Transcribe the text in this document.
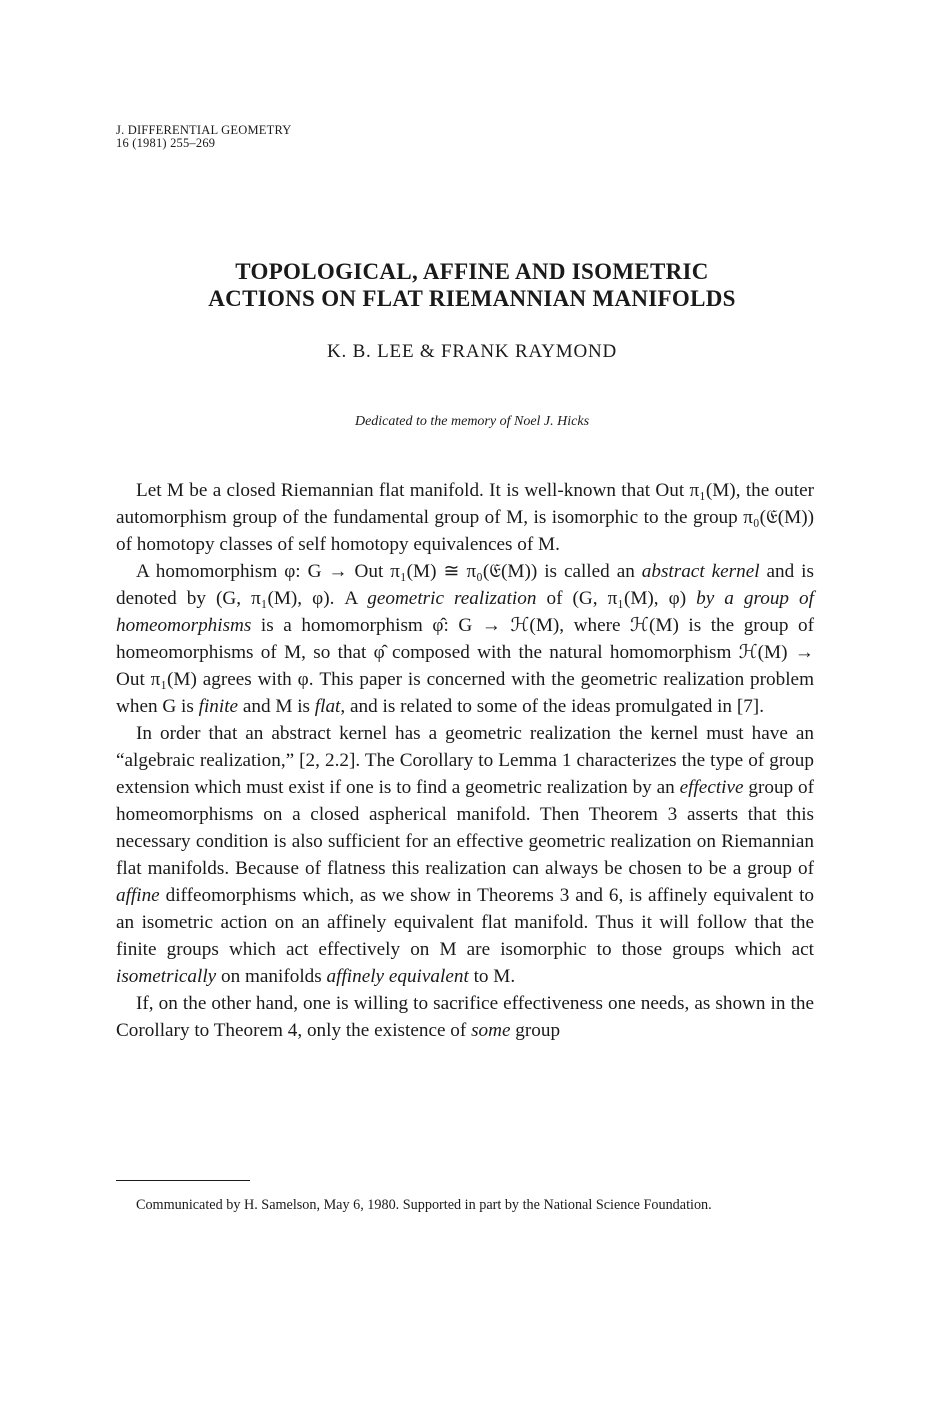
J. DIFFERENTIAL GEOMETRY
16 (1981) 255–269
TOPOLOGICAL, AFFINE AND ISOMETRIC
ACTIONS ON FLAT RIEMANNIAN MANIFOLDS
K. B. LEE & FRANK RAYMOND
Dedicated to the memory of Noel J. Hicks

Let M be a closed Riemannian flat manifold. It is well-known that Out π₁(M), the outer automorphism group of the fundamental group of M, is isomorphic to the group π₀(𝔈(M)) of homotopy classes of self homotopy equivalences of M.

A homomorphism φ: G → Out π₁(M) ≅ π₀(𝔈(M)) is called an abstract kernel and is denoted by (G, π₁(M), φ). A geometric realization of (G, π₁(M), φ) by a group of homeomorphisms is a homomorphism φ̂: G → ℋ(M), where ℋ(M) is the group of homeomorphisms of M, so that φ̂ composed with the natural homomorphism ℋ(M) → Out π₁(M) agrees with φ. This paper is concerned with the geometric realization problem when G is finite and M is flat, and is related to some of the ideas promulgated in [7].

In order that an abstract kernel has a geometric realization the kernel must have an “algebraic realization,” [2, 2.2]. The Corollary to Lemma 1 characterizes the type of group extension which must exist if one is to find a geometric realization by an effective group of homeomorphisms on a closed aspherical manifold. Then Theorem 3 asserts that this necessary condition is also sufficient for an effective geometric realization on Riemannian flat manifolds. Because of flatness this realization can always be chosen to be a group of affine diffeomorphisms which, as we show in Theorems 3 and 6, is affinely equivalent to an isometric action on an affinely equivalent flat manifold. Thus it will follow that the finite groups which act effectively on M are isomorphic to those groups which act isometrically on manifolds affinely equivalent to M.

If, on the other hand, one is willing to sacrifice effectiveness one needs, as shown in the Corollary to Theorem 4, only the existence of some group

Communicated by H. Samelson, May 6, 1980. Supported in part by the National Science Foundation.
